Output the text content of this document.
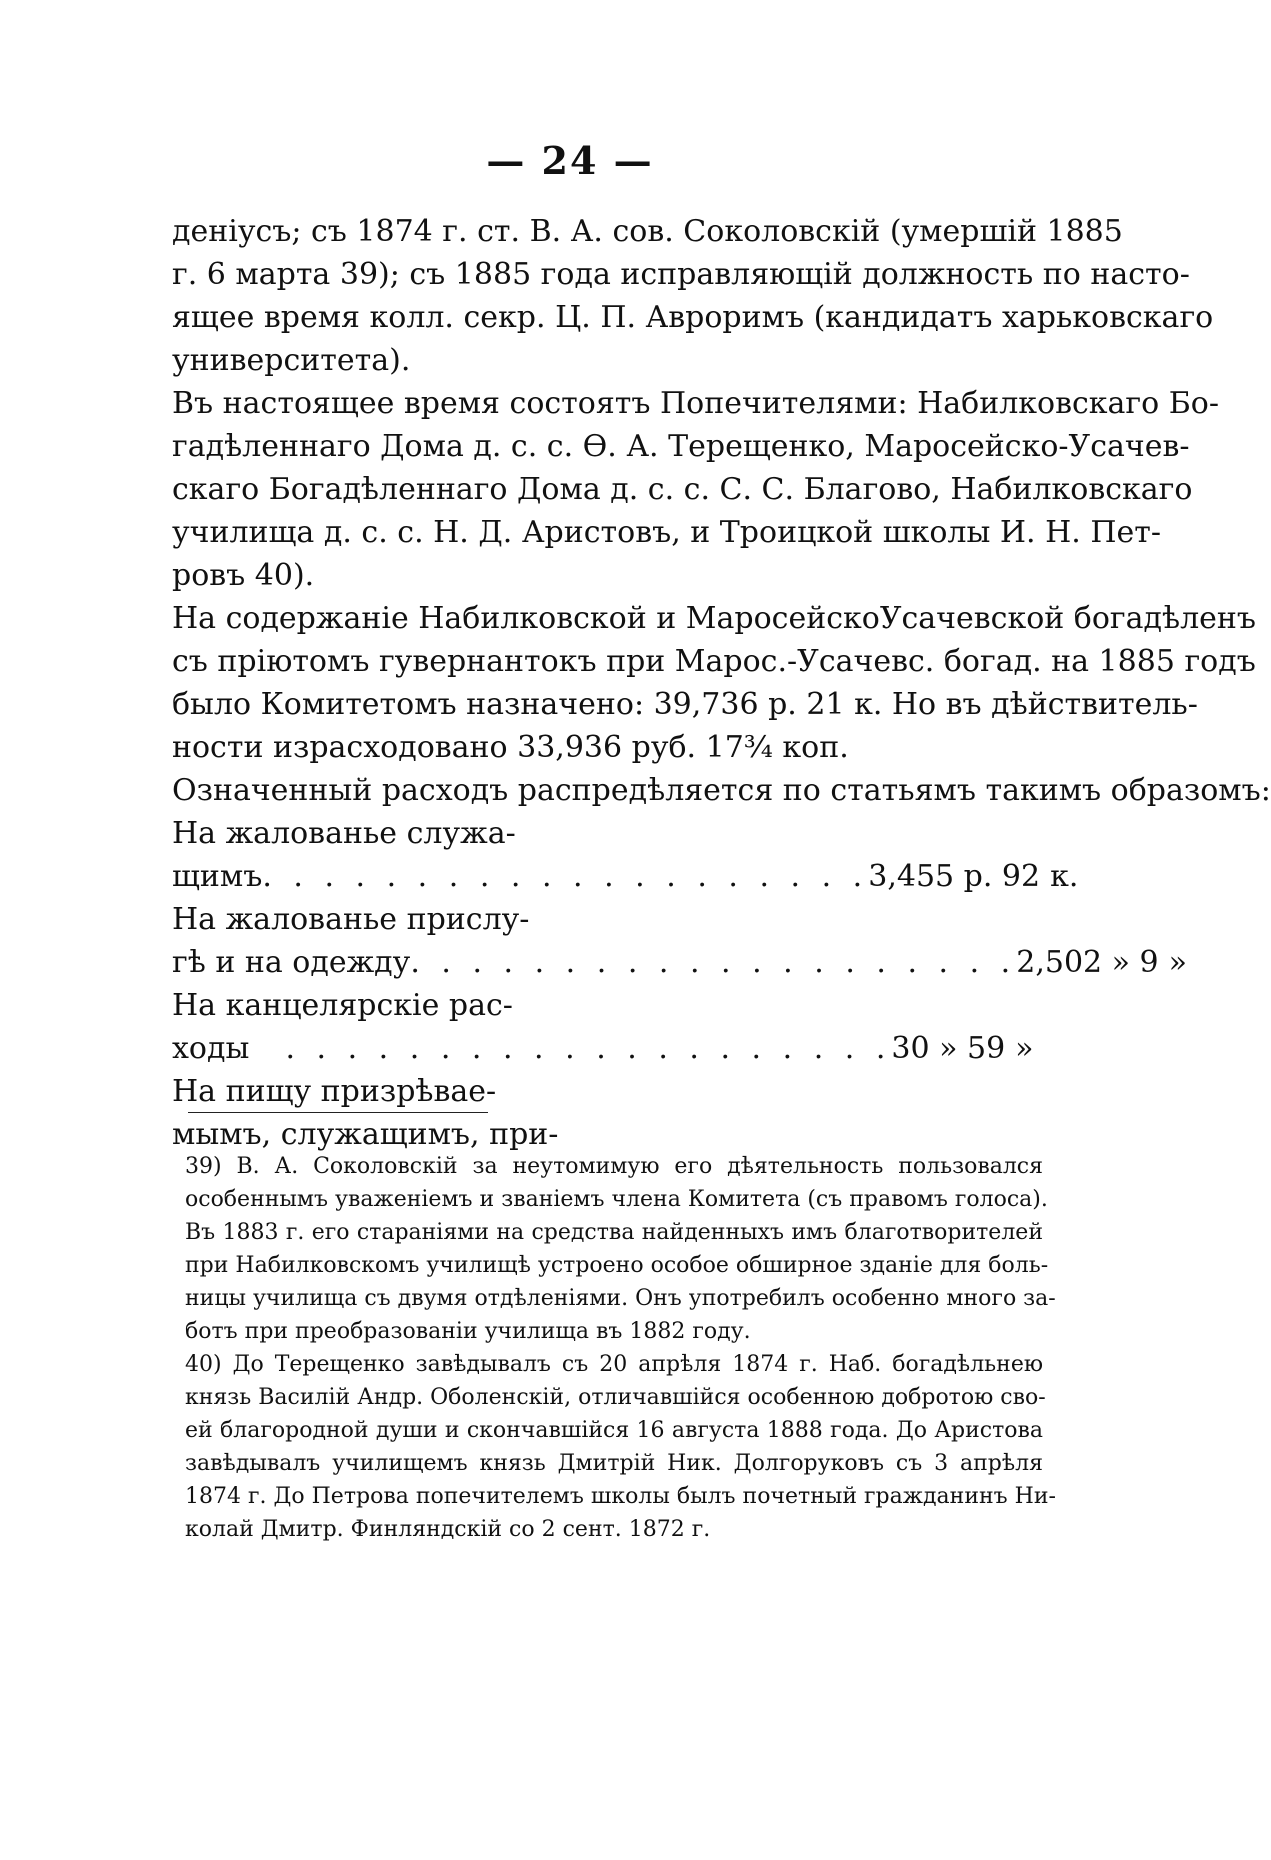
— 24 —
деніусъ; съ 1874 г. ст. В. А. сов. Соколовскій (умершій 1885
г. 6 марта 39); съ 1885 года исправляющій должность по насто-
ящее время колл. секр. Ц. П. Авроримъ (кандидатъ харьковскаго
университета).
Въ настоящее время состоятъ Попечителями: Набилковскаго Бо-
гадѣленнаго Дома д. с. с. Ѳ. А. Терещенко, Маросейско-Усачев-
скаго Богадѣленнаго Дома д. с. с. С. С. Благово, Набилковскаго
училища д. с. с. Н. Д. Аристовъ, и Троицкой школы И. Н. Пет-
ровъ 40).
На содержаніе Набилковской и МаросейскоУсачевской богадѣленъ
съ пріютомъ гувернантокъ при Марос.-Усачевс. богад. на 1885 годъ
было Комитетомъ назначено: 39,736 р. 21 к. Но въ дѣйствитель-
ности израсходовано 33,936 руб. 17¾ коп.
Означенный расходъ распредѣляется по статьямъ такимъ образомъ:
На жалованье служа-
щимъ . . . . . . . . . . . . . . . . . . . . 3,455 р. 92 к.
На жалованье прислу-
гѣ и на одежду . . . . . . . . . . . . . . . . . . . . 2,502 » 9 »
На канцелярскіе рас-
ходы	. . . . . . . . . . . . . . . . . . . . 30 » 59 »
На пищу призрѣвае-
мымъ, служащимъ, при-
39) В. А. Соколовскій за неутомимую его дѣятельность пользовался
особеннымъ уваженіемъ и званіемъ члена Комитета (съ правомъ голоса).
Въ 1883 г. его стараніями на средства найденныхъ имъ благотворителей
при Набилковскомъ училищѣ устроено особое обширное зданіе для боль-
ницы училища съ двумя отдѣленіями. Онъ употребилъ особенно много за-
ботъ при преобразованіи училища въ 1882 году.
40) До Терещенко завѣдывалъ съ 20 апрѣля 1874 г. Наб. богадѣльнею
князь Василій Андр. Оболенскій, отличавшійся особенною добротою сво-
ей благородной души и скончавшійся 16 августа 1888 года. До Аристова
завѣдывалъ училищемъ князь Дмитрій Ник. Долгоруковъ съ 3 апрѣля
1874 г. До Петрова попечителемъ школы былъ почетный гражданинъ Ни-
колай Дмитр. Финляндскій со 2 сент. 1872 г.
